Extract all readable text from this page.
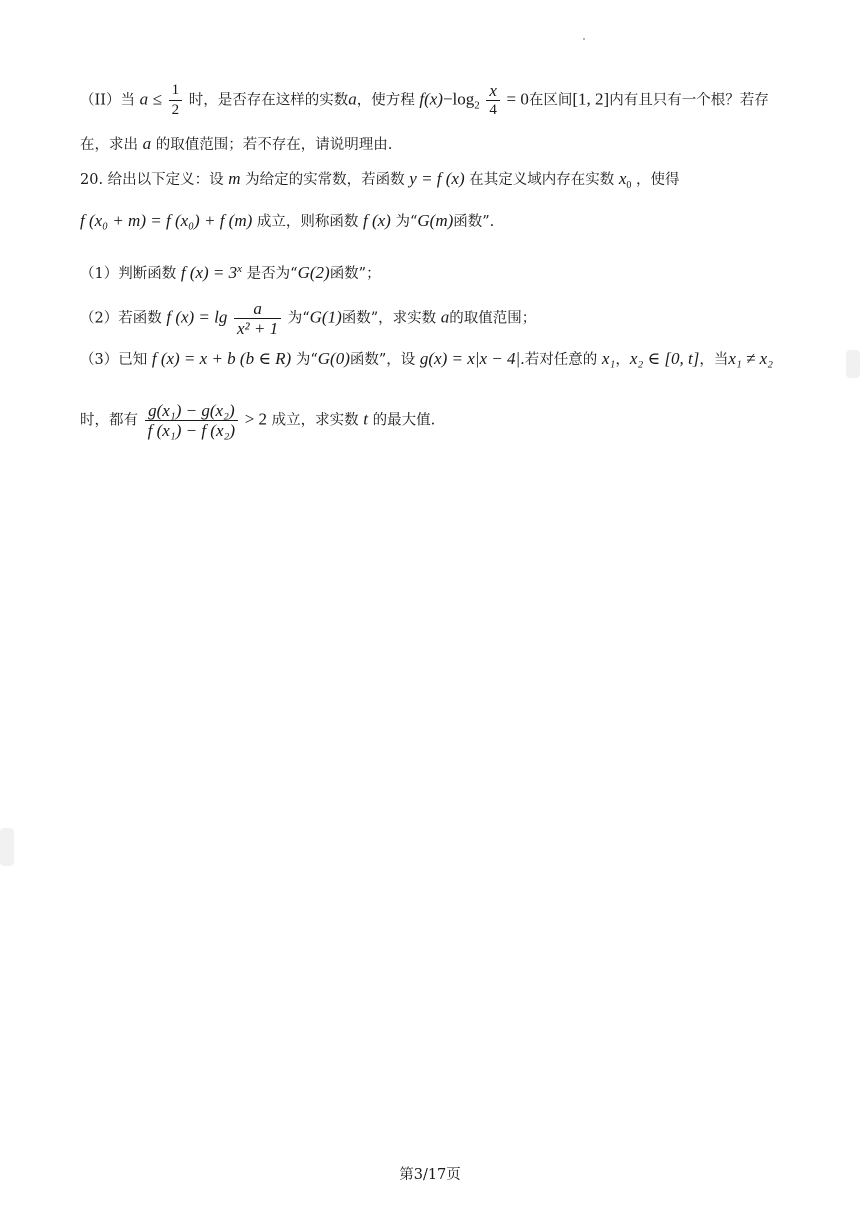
（II）当 $a \le \frac{1}{2}$ 时，是否存在这样的实数a，使方程 $f(x)-\log_2 \frac{x}{4} = 0$在区间[1, 2]内有且只有一个根？若存
在，求出 a 的取值范围；若不存在，请说明理由.
20. 给出以下定义：设 m 为给定的实常数，若函数 y = f (x) 在其定义域内存在实数 $x_0$ ，使得
f (x₀ + m) = f (x₀) + f (m) 成立，则称函数 f (x) 为“G(m)函数”.
（1）判断函数 f $(x) = 3^x$ 是否为“G(2)函数”；
（2）若函数 f $(x) = \lg \frac{a}{\text{x² + 1}}$ 为“G(1)函数”，求实数 a的取值范围；
（3）已知 f (x) = x + b (b ∈ R) 为“G(0)函数”，设 g(x) = x|x − 4|.若对任意的 x₁，x₂ ∈ [0, t]，当x₁ ≠ x₂
时，都有 $\frac{\text{g(x₁) − g(x₂)}}{\text{f (x₁) − f (x₂)}} > 2$ 成立，求实数 t 的最大值.
第3/17页
